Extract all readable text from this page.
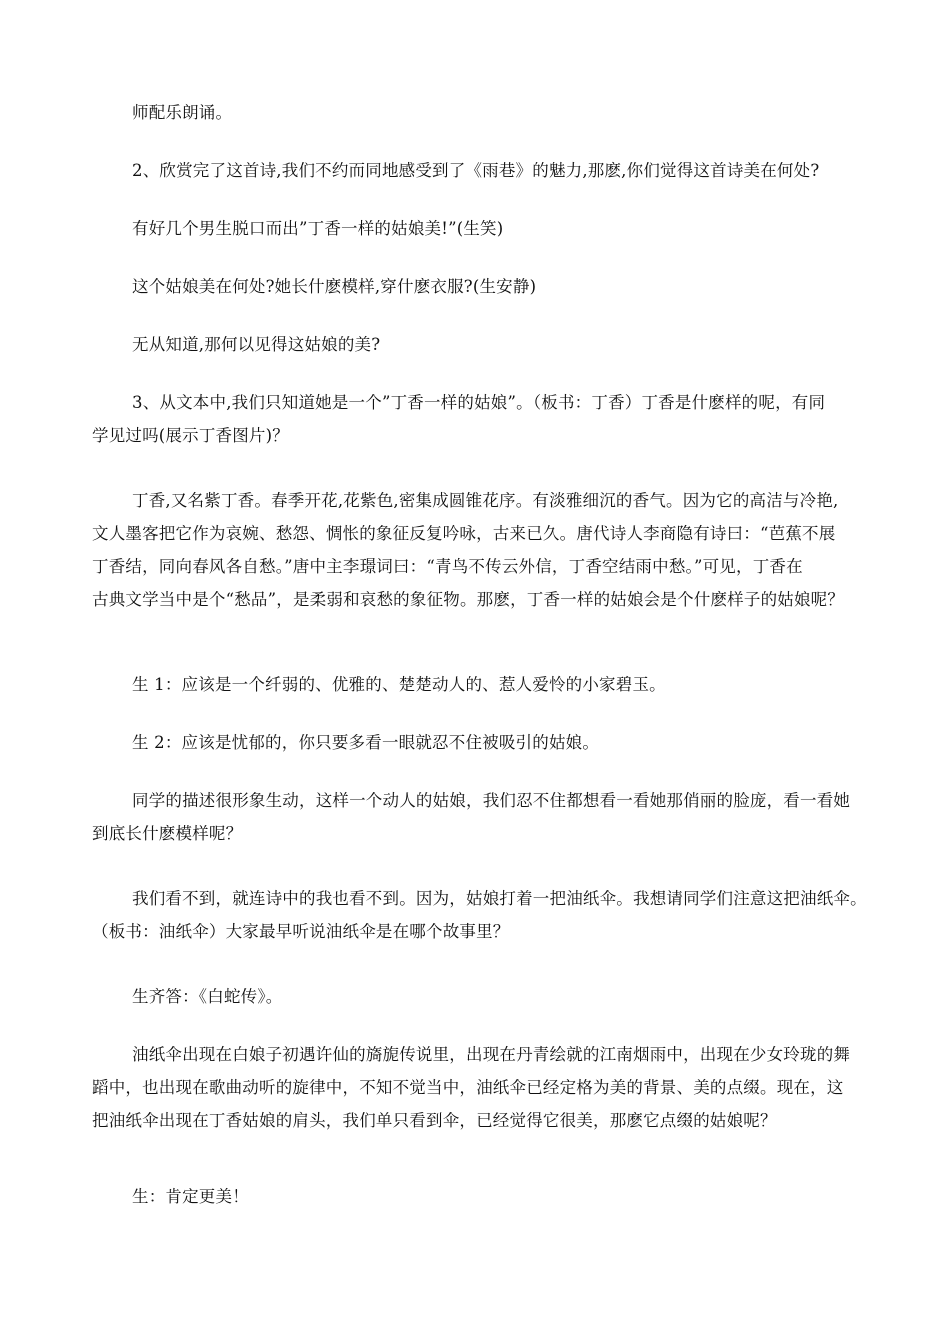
师配乐朗诵。
2、欣赏完了这首诗,我们不约而同地感受到了《雨巷》的魅力,那麽,你们觉得这首诗美在何处?
有好几个男生脱口而出”丁香一样的姑娘美!”(生笑)
这个姑娘美在何处?她长什麽模样,穿什麽衣服?(生安静)
无从知道,那何以见得这姑娘的美?
3、从文本中,我们只知道她是一个”丁香一样的姑娘”。（板书：丁香）丁香是什麽样的呢，有同
学见过吗(展示丁香图片)？
丁香,又名紫丁香。春季开花,花紫色,密集成圆锥花序。有淡雅细沉的香气。因为它的高洁与冷艳,
文人墨客把它作为哀婉、愁怨、惆怅的象征反复吟咏，古来已久。唐代诗人李商隐有诗曰：“芭蕉不展
丁香结，同向春风各自愁。”唐中主李璟词曰：“青鸟不传云外信，丁香空结雨中愁。”可见，丁香在
古典文学当中是个“愁品”，是柔弱和哀愁的象征物。那麽，丁香一样的姑娘会是个什麽样子的姑娘呢？
生 1：应该是一个纤弱的、优雅的、楚楚动人的、惹人爱怜的小家碧玉。
生 2：应该是忧郁的，你只要多看一眼就忍不住被吸引的姑娘。
同学的描述很形象生动，这样一个动人的姑娘，我们忍不住都想看一看她那俏丽的脸庞，看一看她
到底长什麽模样呢？
我们看不到，就连诗中的我也看不到。因为，姑娘打着一把油纸伞。我想请同学们注意这把油纸伞。
（板书：油纸伞）大家最早听说油纸伞是在哪个故事里？
生齐答：《白蛇传》。
油纸伞出现在白娘子初遇许仙的旖旎传说里，出现在丹青绘就的江南烟雨中，出现在少女玲珑的舞
蹈中，也出现在歌曲动听的旋律中，不知不觉当中，油纸伞已经定格为美的背景、美的点缀。现在，这
把油纸伞出现在丁香姑娘的肩头，我们单只看到伞，已经觉得它很美，那麽它点缀的姑娘呢？
生：肯定更美！
